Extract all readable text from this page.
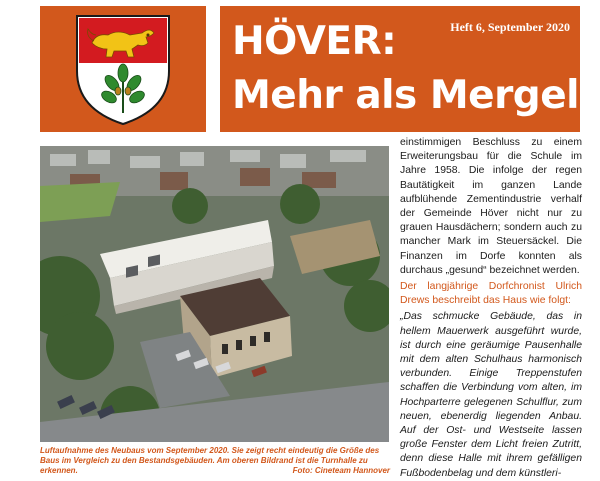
Heft 6, September 2020
HÖVER:
Mehr als Mergel
Luftaufnahme des Neubaus vom September 2020. Sie zeigt recht eindeutig die Größe des Baus im Vergleich zu den Bestandsgebäuden. Am oberen Bildrand ist die Turnhalle zu erkennen.	Foto: Cineteam Hannover

einstimmigen Beschluss zu einem Erweiterungsbau für die Schule im Jahre 1958. Die infolge der regen Bautätigkeit im ganzen Lande aufblühende Zementindustrie verhalf der Gemeinde Höver nicht nur zu grauen Hausdächern; sondern auch zu mancher Mark im Steuersäckel. Die Finanzen im Dorfe konnten als durchaus „gesund“ bezeichnet werden.

Der langjährige Dorfchronist Ulrich Drews beschreibt das Haus wie folgt:

„Das schmucke Gebäude, das in hellem Mauerwerk ausgeführt wurde, ist durch eine geräumige Pausenhalle mit dem alten Schulhaus harmonisch verbunden. Einige Treppenstufen schaffen die Verbindung vom alten, im Hochparterre gelegenen Schulflur, zum neuen, ebenerdig liegenden Anbau. Auf der Ost- und Westseite lassen große Fenster dem Licht freien Zutritt, denn diese Halle mit ihrem gefälligen Fußbodenbelag und dem künstleri-
